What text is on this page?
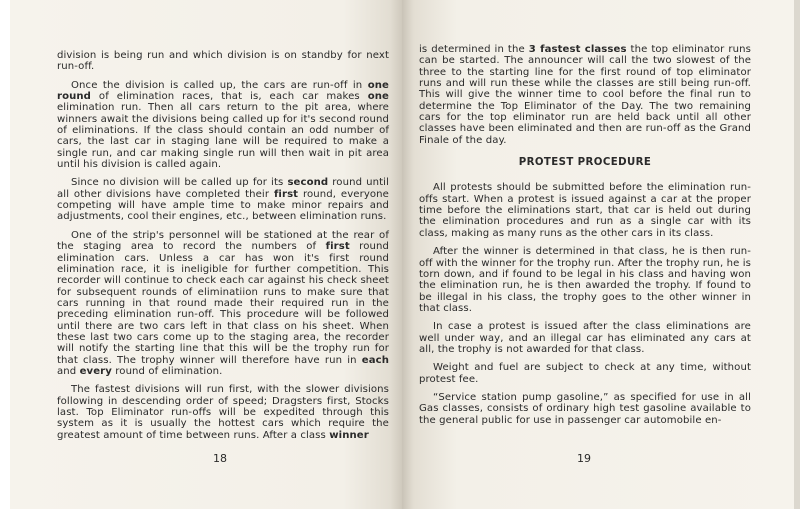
division is being run and which division is on standby for next run-off.

Once the division is called up, the cars are run-off in one round of elimination races, that is, each car makes one elimination run. Then all cars return to the pit area, where winners await the divisions being called up for it's second round of eliminations. If the class should contain an odd number of cars, the last car in staging lane will be required to make a single run, and car making single run will then wait in pit area until his division is called again.

Since no division will be called up for its second round until all other divisions have completed their first round, everyone competing will have ample time to make minor repairs and adjustments, cool their engines, etc., between elimination runs.

One of the strip's personnel will be stationed at the rear of the staging area to record the numbers of first round elimination cars. Unless a car has won it's first round elimination race, it is ineligible for further competition. This recorder will continue to check each car against his check sheet for subsequent rounds of eliminatiion runs to make sure that cars running in that round made their required run in the preceding elimination run-off. This procedure will be followed until there are two cars left in that class on his sheet. When these last two cars come up to the staging area, the recorder will notify the starting line that this will be the trophy run for that class. The trophy winner will therefore have run in each and every round of elimination.

The fastest divisions will run first, with the slower divisions following in descending order of speed; Dragsters first, Stocks last. Top Eliminator run-offs will be expedited through this system as it is usually the hottest cars which require the greatest amount of time between runs. After a class winner

18

is determined in the 3 fastest classes the top eliminator runs can be started. The announcer will call the two slowest of the three to the starting line for the first round of top eliminator runs and will run these while the classes are still being run-off. This will give the winner time to cool before the final run to determine the Top Eliminator of the Day. The two remaining cars for the top eliminator run are held back until all other classes have been eliminated and then are run-off as the Grand Finale of the day.

PROTEST PROCEDURE

All protests should be submitted before the elimination run-offs start. When a protest is issued against a car at the proper time before the eliminations start, that car is held out during the elimination procedures and run as a single car with its class, making as many runs as the other cars in its class.

After the winner is determined in that class, he is then run-off with the winner for the trophy run. After the trophy run, he is torn down, and if found to be legal in his class and having won the elimination run, he is then awarded the trophy. If found to be illegal in his class, the trophy goes to the other winner in that class.

In case a protest is issued after the class eliminations are well under way, and an illegal car has eliminated any cars at all, the trophy is not awarded for that class.

Weight and fuel are subject to check at any time, without protest fee.

“Service station pump gasoline,” as specified for use in all Gas classes, consists of ordinary high test gasoline available to the general public for use in passenger car automobile en-

19
